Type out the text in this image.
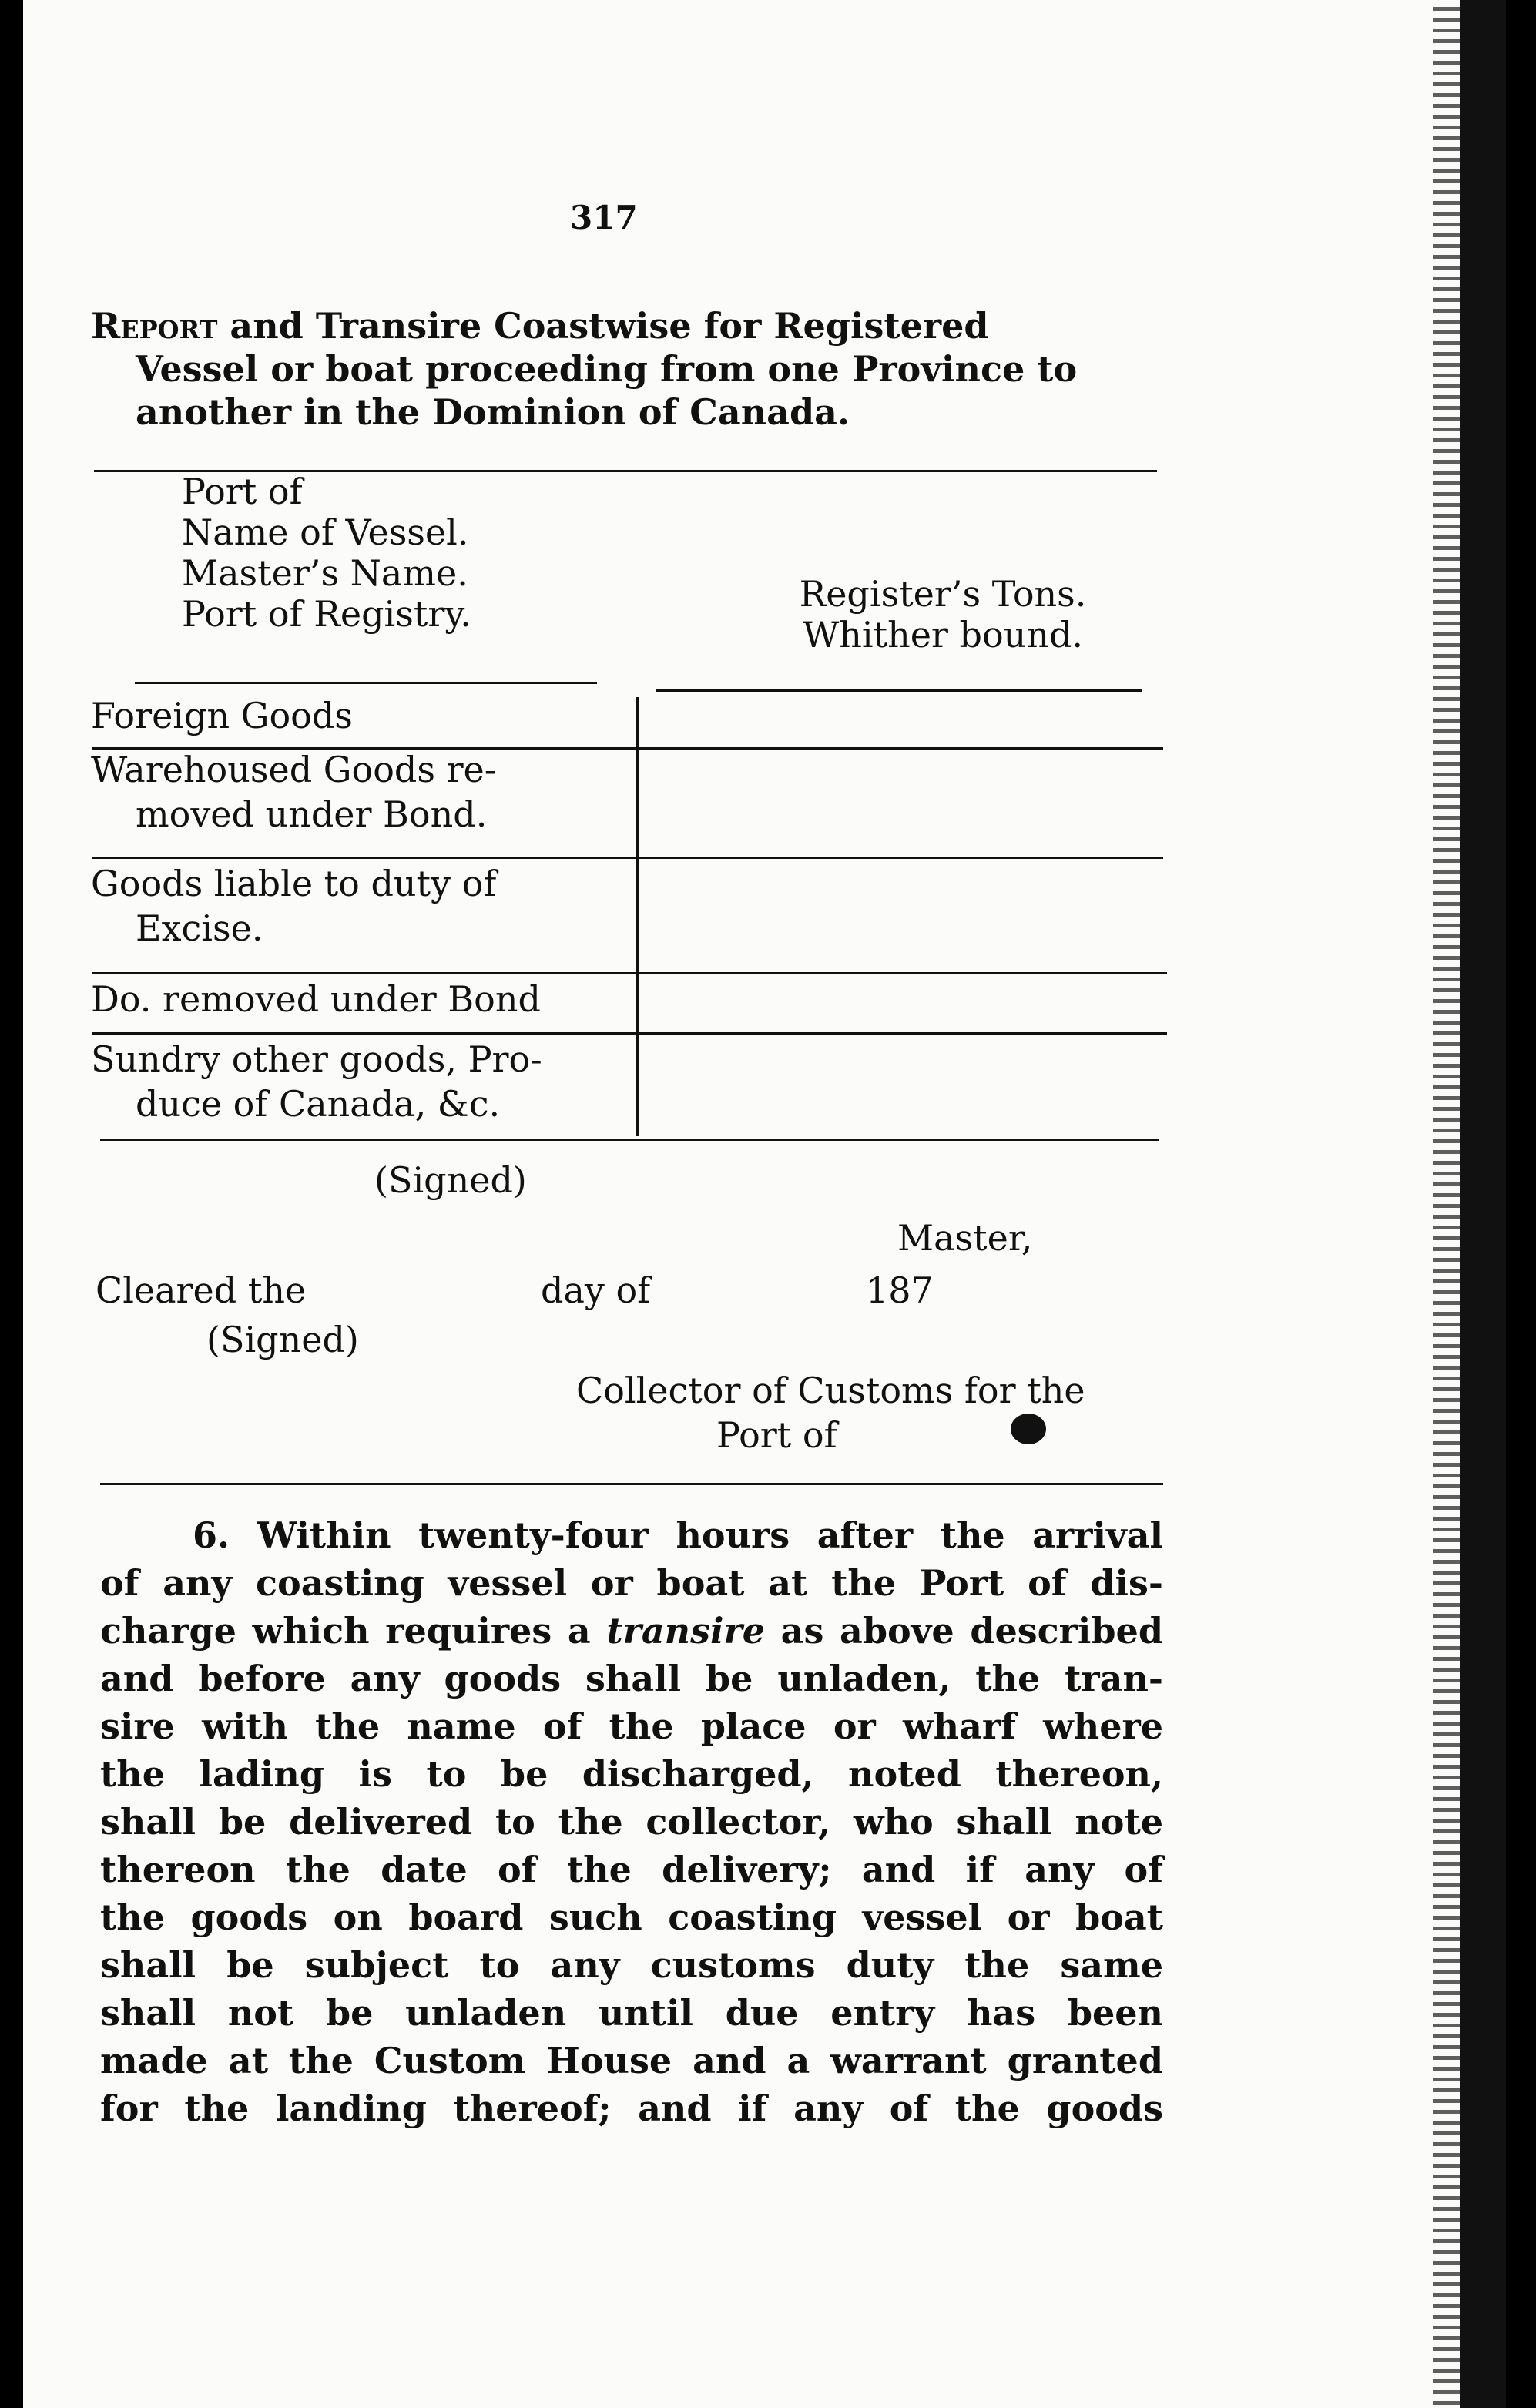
317
Report and Transire Coastwise for Registered
Vessel or boat proceeding from one Province to
another in the Dominion of Canada.
Port of
Name of Vessel.
Master’s Name.
Port of Registry.	Register’s Tons.
Whither bound.
Foreign Goods
Warehoused Goods re-
moved under Bond.
Goods liable to duty of
Excise.
Do. removed under Bond
Sundry other goods, Pro-
duce of Canada, &c.
(Signed)
Master,
Cleared the	day of	187
(Signed)
Collector of Customs for the
Port of
6. Within twenty-four hours after the arrival
of any coasting vessel or boat at the Port of dis-
charge which requires a transire as above described
and before any goods shall be unladen, the tran-
sire with the name of the place or wharf where
the lading is to be discharged, noted thereon,
shall be delivered to the collector, who shall note
thereon the date of the delivery; and if any of
the goods on board such coasting vessel or boat
shall be subject to any customs duty the same
shall not be unladen until due entry has been
made at the Custom House and a warrant granted
for the landing thereof; and if any of the goods
